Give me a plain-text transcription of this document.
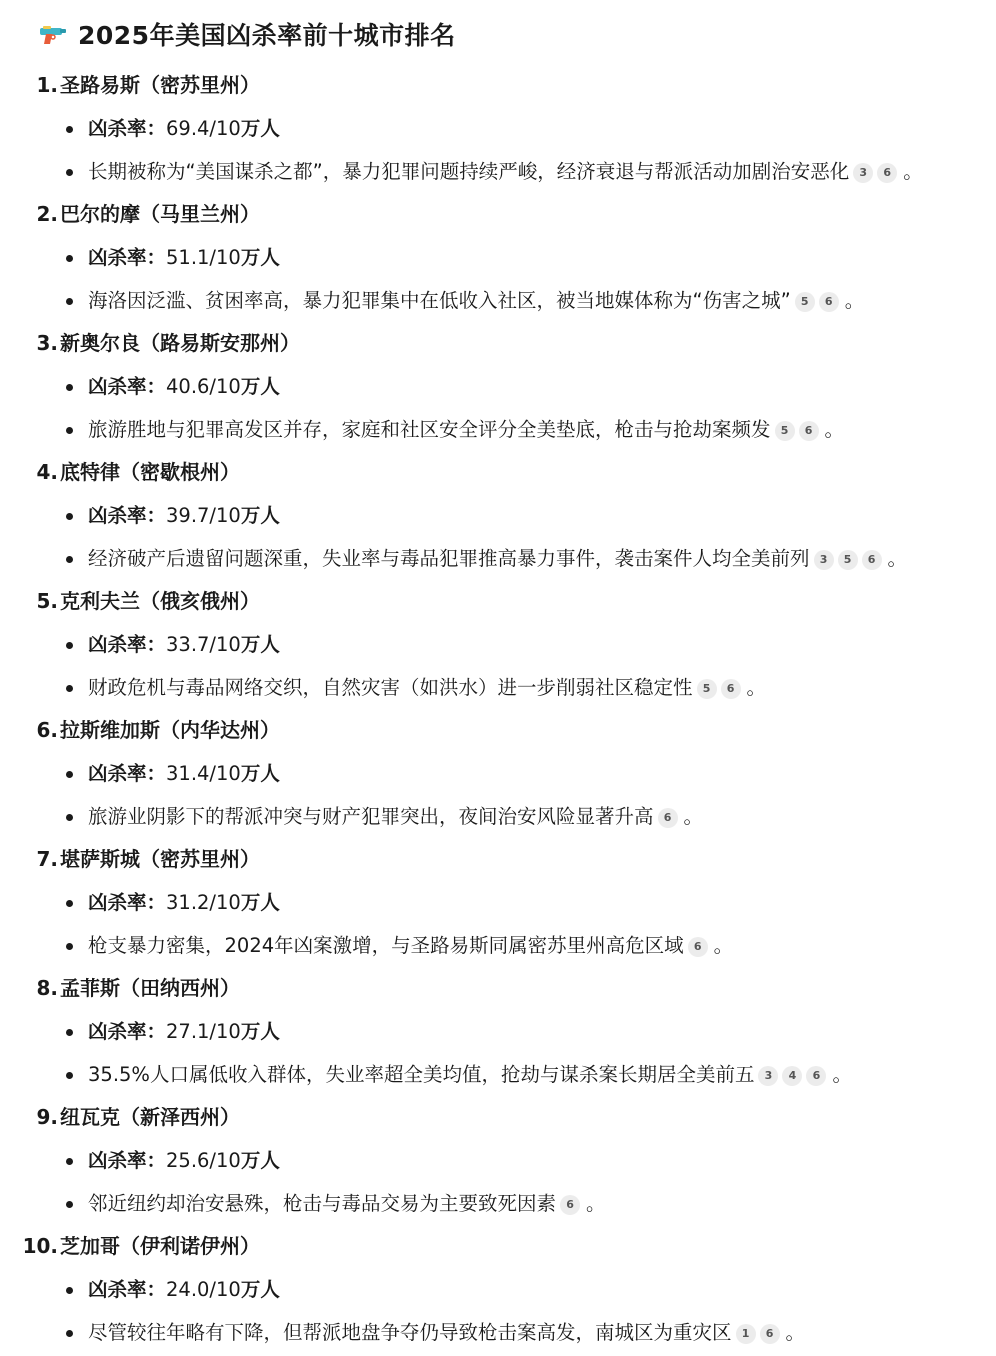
2025年美国凶杀率前十城市排名
1. 圣路易斯（密苏里州）
凶杀率：69.4/10万人
长期被称为“美国谋杀之都”，暴力犯罪问题持续严峻，经济衰退与帮派活动加剧治安恶化 3 6 。
2. 巴尔的摩（马里兰州）
凶杀率：51.1/10万人
海洛因泛滥、贫困率高，暴力犯罪集中在低收入社区，被当地媒体称为“伤害之城” 5 6 。
3. 新奥尔良（路易斯安那州）
凶杀率：40.6/10万人
旅游胜地与犯罪高发区并存，家庭和社区安全评分全美垫底，枪击与抢劫案频发 5 6 。
4. 底特律（密歇根州）
凶杀率：39.7/10万人
经济破产后遗留问题深重，失业率与毒品犯罪推高暴力事件，袭击案件人均全美前列 3 5 6 。
5. 克利夫兰（俄亥俄州）
凶杀率：33.7/10万人
财政危机与毒品网络交织，自然灾害（如洪水）进一步削弱社区稳定性 5 6 。
6. 拉斯维加斯（内华达州）
凶杀率：31.4/10万人
旅游业阴影下的帮派冲突与财产犯罪突出，夜间治安风险显著升高 6 。
7. 堪萨斯城（密苏里州）
凶杀率：31.2/10万人
枪支暴力密集，2024年凶案激增，与圣路易斯同属密苏里州高危区域 6 。
8. 孟菲斯（田纳西州）
凶杀率：27.1/10万人
35.5%人口属低收入群体，失业率超全美均值，抢劫与谋杀案长期居全美前五 3 4 6 。
9. 纽瓦克（新泽西州）
凶杀率：25.6/10万人
邻近纽约却治安悬殊，枪击与毒品交易为主要致死因素 6 。
10. 芝加哥（伊利诺伊州）
凶杀率：24.0/10万人
尽管较往年略有下降，但帮派地盘争夺仍导致枪击案高发，南城区为重灾区 1 6 。
